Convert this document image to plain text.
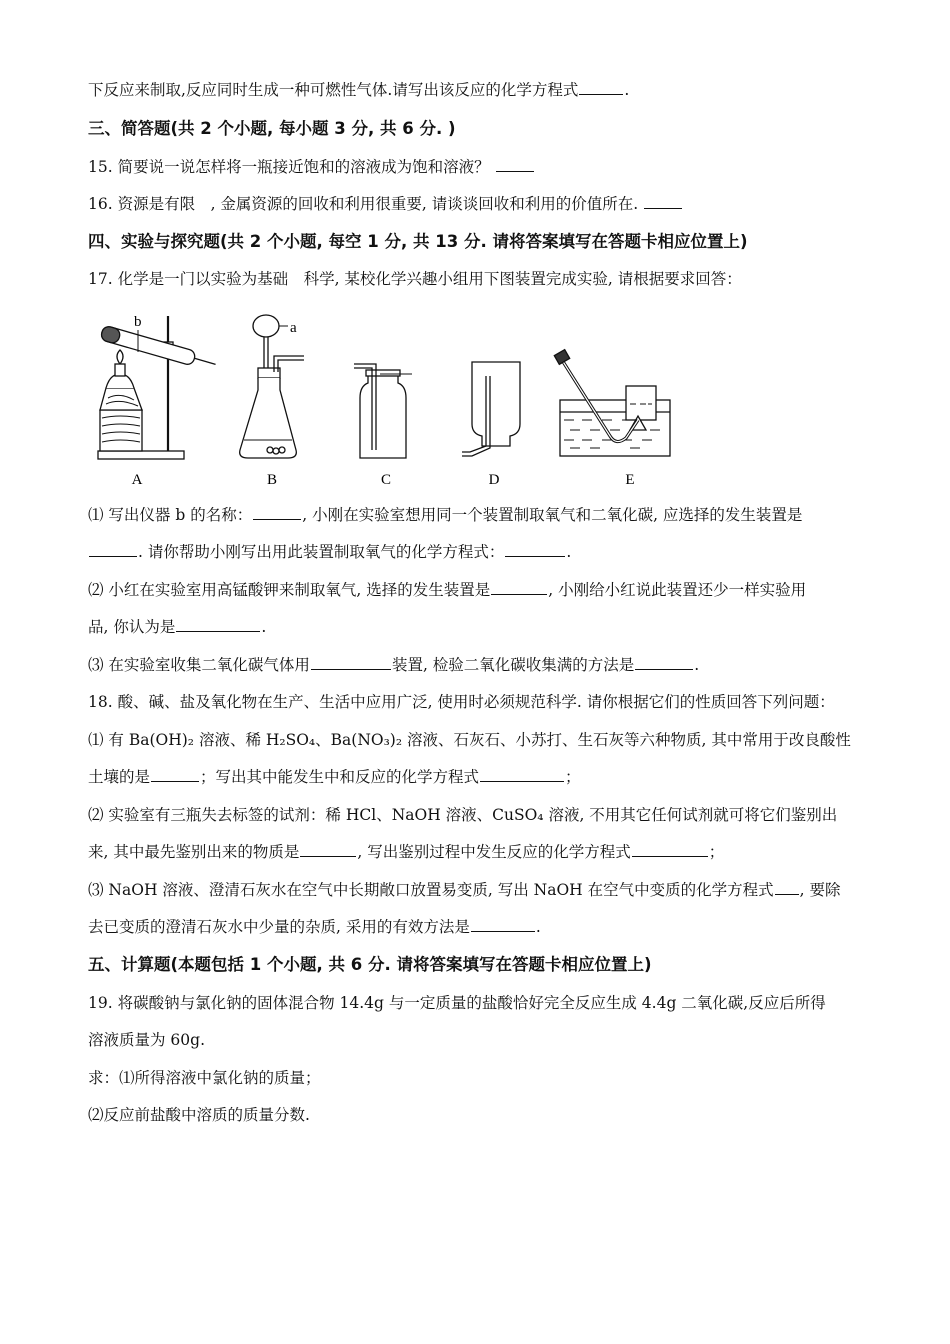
下反应来制取,反应同时生成一种可燃性气体.请写出该反应的化学方程式	.
三、简答题(共 2 个小题, 每小题 3 分, 共 6 分. )
15. 简要说一说怎样将一瓶接近饱和的溶液成为饱和溶液？
16. 资源是有限　, 金属资源的回收和利用很重要, 请谈谈回收和利用的价值所在.
四、实验与探究题(共 2 个小题, 每空 1 分, 共 13 分. 请将答案填写在答题卡相应位置上)
17. 化学是一门以实验为基础　科学, 某校化学兴趣小组用下图装置完成实验, 请根据要求回答：
A	B	C	D	E
a
b
⑴ 写出仪器 b 的名称：	, 小刚在实验室想用同一个装置制取氧气和二氧化碳, 应选择的发生装置是
. 请你帮助小刚写出用此装置制取氧气的化学方程式：	.
⑵ 小红在实验室用高锰酸钾来制取氧气, 选择的发生装置是	, 小刚给小红说此装置还少一样实验用
品, 你认为是	.
⑶ 在实验室收集二氧化碳气体用	装置, 检验二氧化碳收集满的方法是	.
18. 酸、碱、盐及氧化物在生产、生活中应用广泛, 使用时必须规范科学. 请你根据它们的性质回答下列问题：
⑴ 有 Ba(OH)₂ 溶液、稀 H₂SO₄、Ba(NO₃)₂ 溶液、石灰石、小苏打、生石灰等六种物质, 其中常用于改良酸性
土壤的是	；写出其中能发生中和反应的化学方程式	；
⑵ 实验室有三瓶失去标签的试剂：稀 HCl、NaOH 溶液、CuSO₄ 溶液, 不用其它任何试剂就可将它们鉴别出
来, 其中最先鉴别出来的物质是	, 写出鉴别过程中发生反应的化学方程式	；
⑶ NaOH 溶液、澄清石灰水在空气中长期敞口放置易变质, 写出 NaOH 在空气中变质的化学方程式 , 要除
去已变质的澄清石灰水中少量的杂质, 采用的有效方法是	.
五、计算题(本题包括 1 个小题, 共 6 分. 请将答案填写在答题卡相应位置上)
19. 将碳酸钠与氯化钠的固体混合物 14.4g 与一定质量的盐酸恰好完全反应生成 4.4g 二氧化碳,反应后所得
溶液质量为 60g.
求：⑴所得溶液中氯化钠的质量；
⑵反应前盐酸中溶质的质量分数.
